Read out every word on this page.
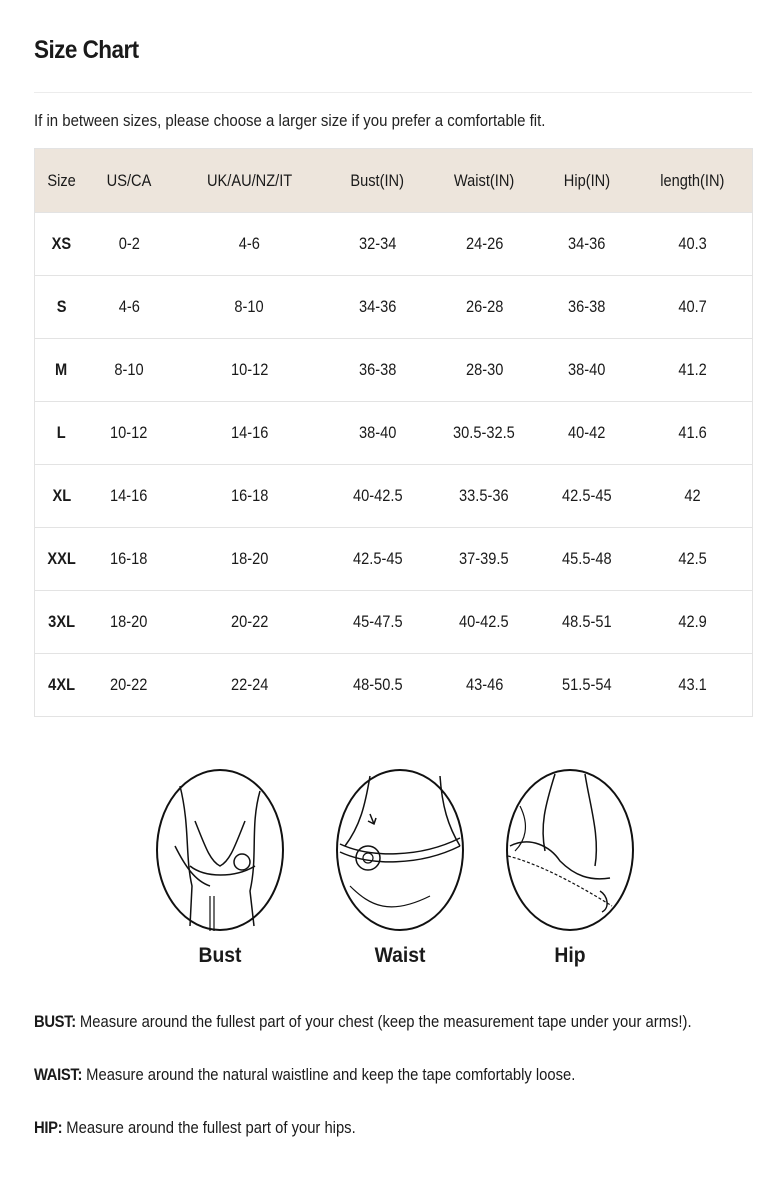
Size Chart
If in between sizes, please choose a larger size if you prefer a comfortable fit.
Size	US/CA	UK/AU/NZ/IT	Bust(IN)	Waist(IN)	Hip(IN)	length(IN)
XS	0-2	4-6	32-34	24-26	34-36	40.3
S	4-6	8-10	34-36	26-28	36-38	40.7
M	8-10	10-12	36-38	28-30	38-40	41.2
L	10-12	14-16	38-40	30.5-32.5	40-42	41.6
XL	14-16	16-18	40-42.5	33.5-36	42.5-45	42
XXL	16-18	18-20	42.5-45	37-39.5	45.5-48	42.5
3XL	18-20	20-22	45-47.5	40-42.5	48.5-51	42.9
4XL	20-22	22-24	48-50.5	43-46	51.5-54	43.1
Bust	Waist	Hip
BUST: Measure around the fullest part of your chest (keep the measurement tape under your arms!).
WAIST: Measure around the natural waistline and keep the tape comfortably loose.
HIP: Measure around the fullest part of your hips.
